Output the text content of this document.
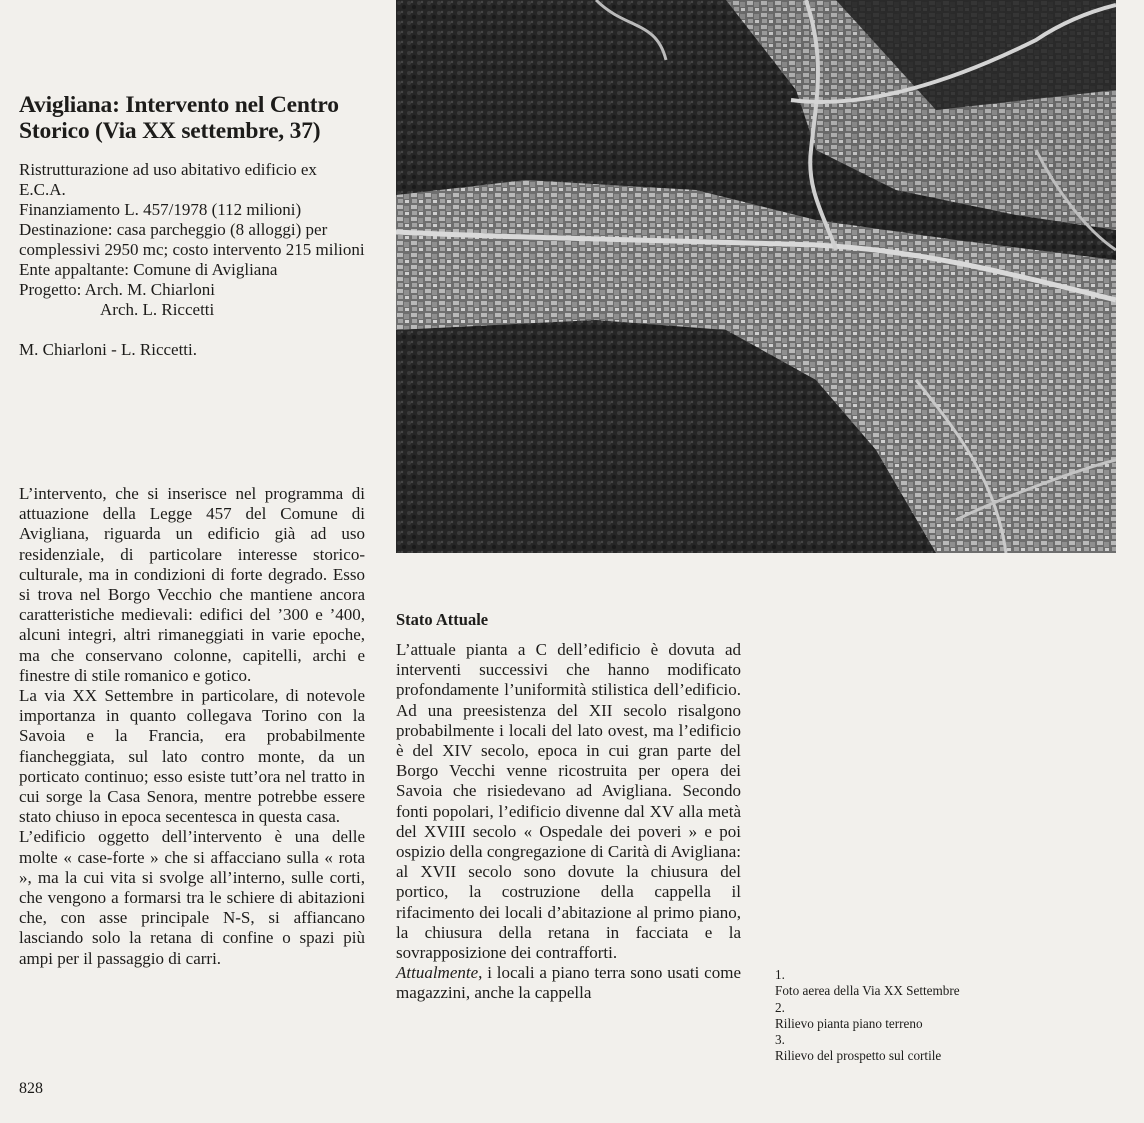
Avigliana: Intervento nel Centro Storico (Via XX settembre, 37)
Ristrutturazione ad uso abitativo edificio ex E.C.A.
Finanziamento L. 457/1978 (112 milioni)
Destinazione: casa parcheggio (8 alloggi) per complessivi 2950 mc; costo intervento 215 milioni
Ente appaltante: Comune di Avigliana
Progetto: Arch. M. Chiarloni
Arch. L. Riccetti
M. Chiarloni - L. Riccetti.

L’intervento, che si inserisce nel programma di attuazione della Legge 457 del Comune di Avigliana, riguarda un edificio già ad uso residenziale, di particolare interesse storico-culturale, ma in condizioni di forte degrado. Esso si trova nel Borgo Vecchio che mantiene ancora caratteristiche medievali: edifici del ’300 e ’400, alcuni integri, altri rimaneggiati in varie epoche, ma che conservano colonne, capitelli, archi e finestre di stile romanico e gotico.

La via XX Settembre in particolare, di notevole importanza in quanto collegava Torino con la Savoia e la Francia, era probabilmente fiancheggiata, sul lato contro monte, da un porticato continuo; esso esiste tutt’ora nel tratto in cui sorge la Casa Senora, mentre potrebbe essere stato chiuso in epoca secentesca in questa casa.

L’edificio oggetto dell’intervento è una delle molte « case-forte » che si affacciano sulla « rota », ma la cui vita si svolge all’interno, sulle corti, che vengono a formarsi tra le schiere di abitazioni che, con asse principale N-S, si affiancano lasciando solo la retana di confine o spazi più ampi per il passaggio di carri.

828
Stato Attuale

L’attuale pianta a C dell’edificio è dovuta ad interventi successivi che hanno modificato profondamente l’uniformità stilistica dell’edificio. Ad una preesistenza del XII secolo risalgono probabilmente i locali del lato ovest, ma l’edificio è del XIV secolo, epoca in cui gran parte del Borgo Vecchi venne ricostruita per opera dei Savoia che risiedevano ad Avigliana. Secondo fonti popolari, l’edificio divenne dal XV alla metà del XVIII secolo « Ospedale dei poveri » e poi ospizio della congregazione di Carità di Avigliana: al XVII secolo sono dovute la chiusura del portico, la costruzione della cappella il rifacimento dei locali d’abitazione al primo piano, la chiusura della retana in facciata e la sovrapposizione dei contrafforti.
Attualmente, i locali a piano terra sono usati come magazzini, anche la cappella

1.
Foto aerea della Via XX Settembre
2.
Rilievo pianta piano terreno
3.
Rilievo del prospetto sul cortile
